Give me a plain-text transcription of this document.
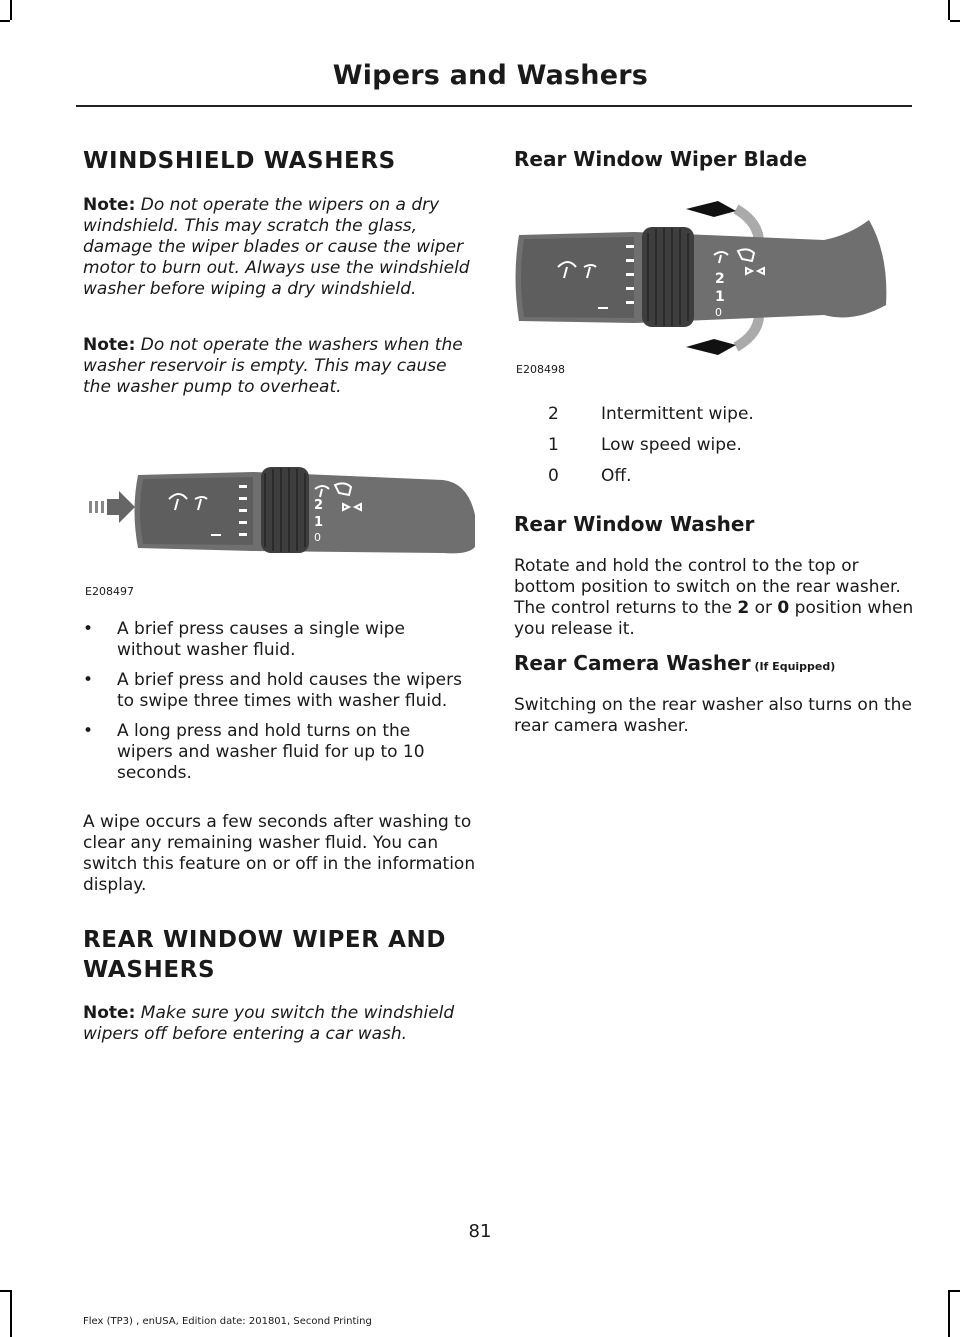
Wipers and Washers
WINDSHIELD WASHERS

Note: Do not operate the wipers on a dry windshield. This may scratch the glass, damage the wiper blades or cause the wiper motor to burn out. Always use the windshield washer before wiping a dry windshield.

Note: Do not operate the washers when the washer reservoir is empty. This may cause the washer pump to overheat.

2
1
0
E208497
• A brief press causes a single wipe without washer fluid.
• A brief press and hold causes the wipers to swipe three times with washer fluid.
• A long press and hold turns on the wipers and washer fluid for up to 10 seconds.

A wipe occurs a few seconds after washing to clear any remaining washer fluid. You can switch this feature on or off in the information display.

REAR WINDOW WIPER AND
WASHERS

Note: Make sure you switch the windshield wipers off before entering a car wash.

Rear Window Wiper Blade
2
1
0
E208498
2 Intermittent wipe.
1 Low speed wipe.
0 Off.
Rear Window Washer

Rotate and hold the control to the top or bottom position to switch on the rear washer. The control returns to the 2 or 0 position when you release it.

Rear Camera Washer (If Equipped)

Switching on the rear washer also turns on the rear camera washer.

81
Flex (TP3) , enUSA, Edition date: 201801, Second Printing
